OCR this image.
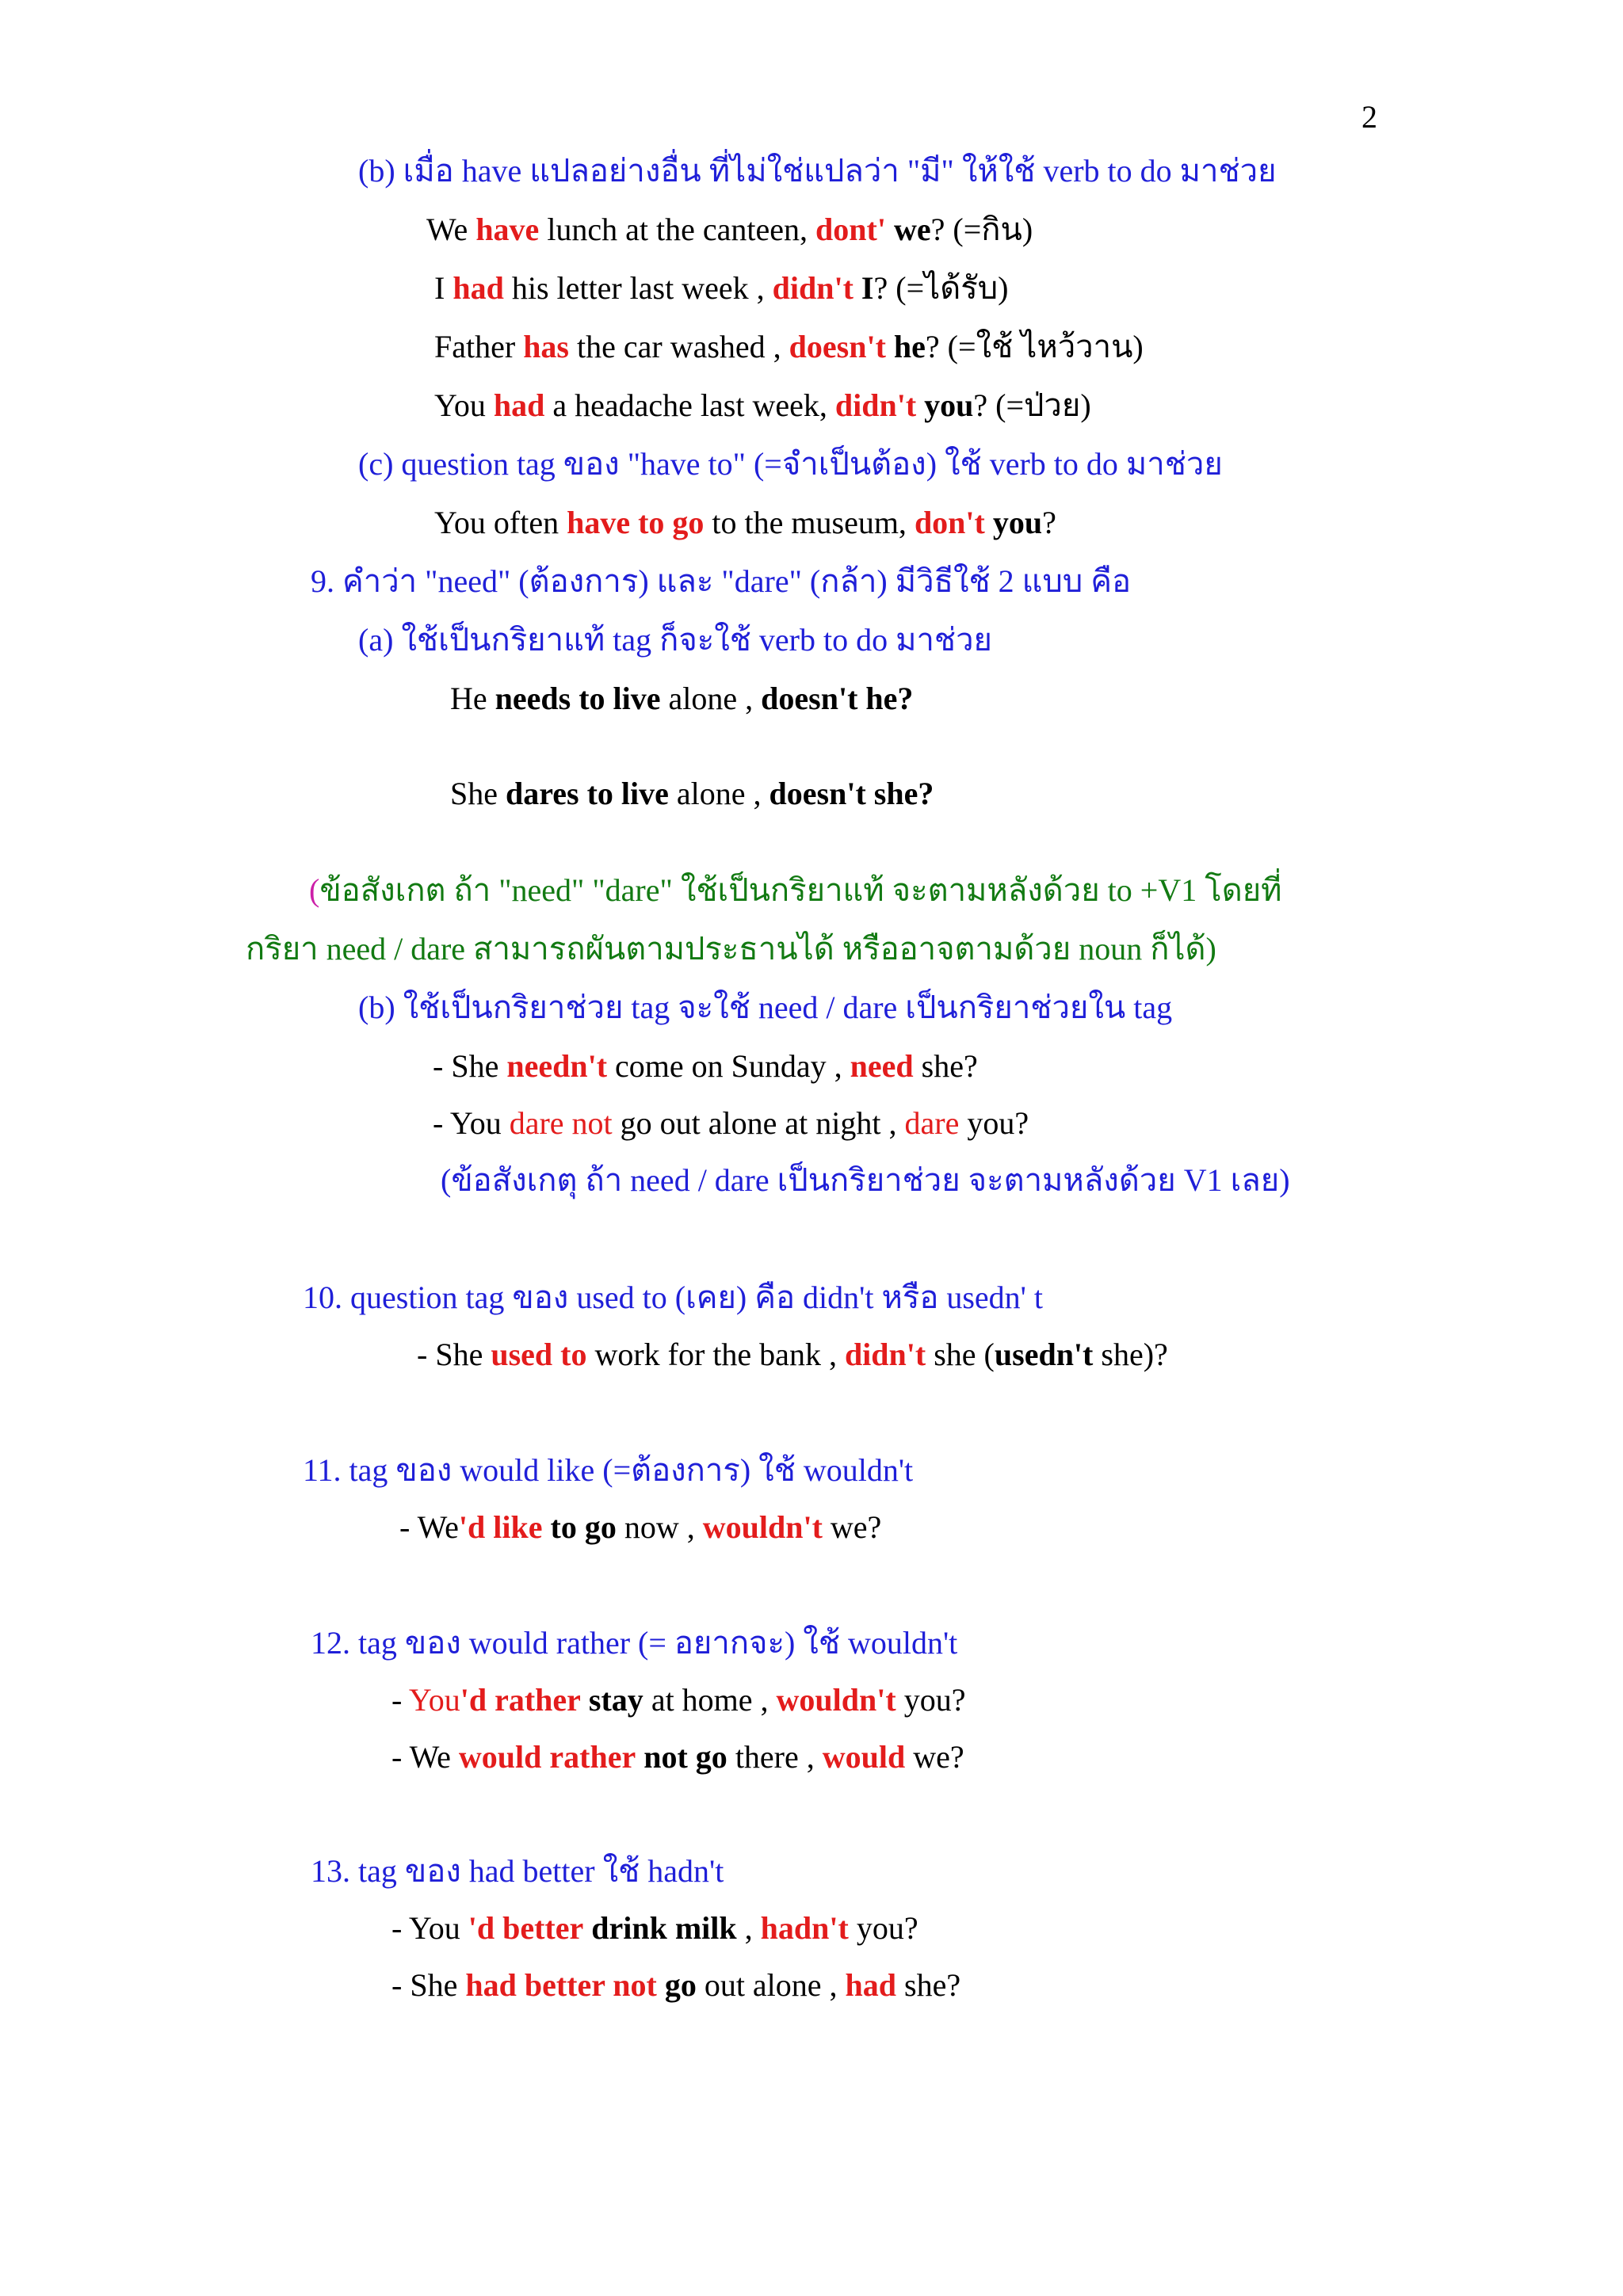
2
(b) เมื่อ have แปลอย่างอื่น ที่ไม่ใช่แปลว่า "มี" ให้ใช้ verb to do มาช่วย
We have lunch at the canteen, dont' we? (=กิน)
I had his letter last week , didn't I? (=ได้รับ)
Father has the car washed , doesn't he? (=ใช้ ไหว้วาน)
You had a headache last week, didn't you? (=ป่วย)
(c) question tag ของ "have to" (=จำเป็นต้อง) ใช้ verb to do มาช่วย
You often have to go to the museum, don't you?
9. คำว่า "need" (ต้องการ) และ "dare" (กล้า) มีวิธีใช้ 2 แบบ คือ
(a) ใช้เป็นกริยาแท้ tag ก็จะใช้ verb to do มาช่วย
He needs to live alone , doesn't he?
She dares to live alone , doesn't she?
(ข้อสังเกต ถ้า "need" "dare" ใช้เป็นกริยาแท้ จะตามหลังด้วย to +V1 โดยที่
กริยา need / dare สามารถผันตามประธานได้ หรืออาจตามด้วย noun ก็ได้)
(b) ใช้เป็นกริยาช่วย tag จะใช้ need / dare เป็นกริยาช่วยใน tag
- She needn't come on Sunday , need she?
- You dare not go out alone at night , dare you?
(ข้อสังเกตุ ถ้า need / dare เป็นกริยาช่วย จะตามหลังด้วย V1 เลย)
10. question tag ของ used to (เคย) คือ didn't หรือ usedn' t
- She used to work for the bank , didn't she (usedn't she)?
11. tag ของ would like (=ต้องการ) ใช้ wouldn't
- We'd like to go now , wouldn't we?
12. tag ของ would rather (= อยากจะ) ใช้ wouldn't
- You'd rather stay at home , wouldn't you?
- We would rather not go there , would we?
13. tag ของ had better ใช้ hadn't
- You 'd better drink milk , hadn't you?
- She had better not go out alone , had she?
